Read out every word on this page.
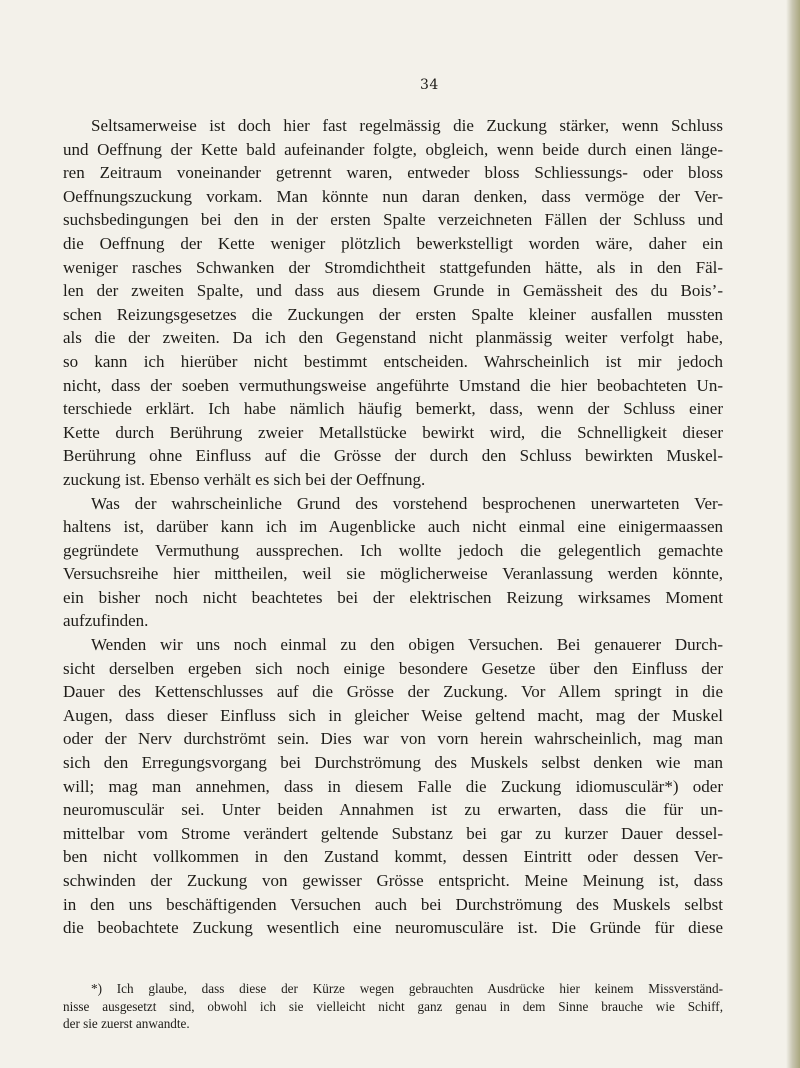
34
Seltsamerweise ist doch hier fast regelmässig die Zuckung stärker, wenn Schluss
und Oeffnung der Kette bald aufeinander folgte, obgleich, wenn beide durch einen länge-
ren Zeitraum voneinander getrennt waren, entweder bloss Schliessungs- oder bloss
Oeffnungszuckung vorkam. Man könnte nun daran denken, dass vermöge der Ver-
suchsbedingungen bei den in der ersten Spalte verzeichneten Fällen der Schluss und
die Oeffnung der Kette weniger plötzlich bewerkstelligt worden wäre, daher ein
weniger rasches Schwanken der Stromdichtheit stattgefunden hätte, als in den Fäl-
len der zweiten Spalte, und dass aus diesem Grunde in Gemässheit des du Bois’-
schen Reizungsgesetzes die Zuckungen der ersten Spalte kleiner ausfallen mussten
als die der zweiten. Da ich den Gegenstand nicht planmässig weiter verfolgt habe,
so kann ich hierüber nicht bestimmt entscheiden. Wahrscheinlich ist mir jedoch
nicht, dass der soeben vermuthungsweise angeführte Umstand die hier beobachteten Un-
terschiede erklärt. Ich habe nämlich häufig bemerkt, dass, wenn der Schluss einer
Kette durch Berührung zweier Metallstücke bewirkt wird, die Schnelligkeit dieser
Berührung ohne Einfluss auf die Grösse der durch den Schluss bewirkten Muskel-
zuckung ist. Ebenso verhält es sich bei der Oeffnung.
Was der wahrscheinliche Grund des vorstehend besprochenen unerwarteten Ver-
haltens ist, darüber kann ich im Augenblicke auch nicht einmal eine einigermaassen
gegründete Vermuthung aussprechen. Ich wollte jedoch die gelegentlich gemachte
Versuchsreihe hier mittheilen, weil sie möglicherweise Veranlassung werden könnte,
ein bisher noch nicht beachtetes bei der elektrischen Reizung wirksames Moment
aufzufinden.
Wenden wir uns noch einmal zu den obigen Versuchen. Bei genauerer Durch-
sicht derselben ergeben sich noch einige besondere Gesetze über den Einfluss der
Dauer des Kettenschlusses auf die Grösse der Zuckung. Vor Allem springt in die
Augen, dass dieser Einfluss sich in gleicher Weise geltend macht, mag der Muskel
oder der Nerv durchströmt sein. Dies war von vorn herein wahrscheinlich, mag man
sich den Erregungsvorgang bei Durchströmung des Muskels selbst denken wie man
will; mag man annehmen, dass in diesem Falle die Zuckung idiomusculär*) oder
neuromusculär sei. Unter beiden Annahmen ist zu erwarten, dass die für un-
mittelbar vom Strome verändert geltende Substanz bei gar zu kurzer Dauer dessel-
ben nicht vollkommen in den Zustand kommt, dessen Eintritt oder dessen Ver-
schwinden der Zuckung von gewisser Grösse entspricht. Meine Meinung ist, dass
in den uns beschäftigenden Versuchen auch bei Durchströmung des Muskels selbst
die beobachtete Zuckung wesentlich eine neuromusculäre ist. Die Gründe für diese
*) Ich glaube, dass diese der Kürze wegen gebrauchten Ausdrücke hier keinem Missverständ-
nisse ausgesetzt sind, obwohl ich sie vielleicht nicht ganz genau in dem Sinne brauche wie Schiff,
der sie zuerst anwandte.
